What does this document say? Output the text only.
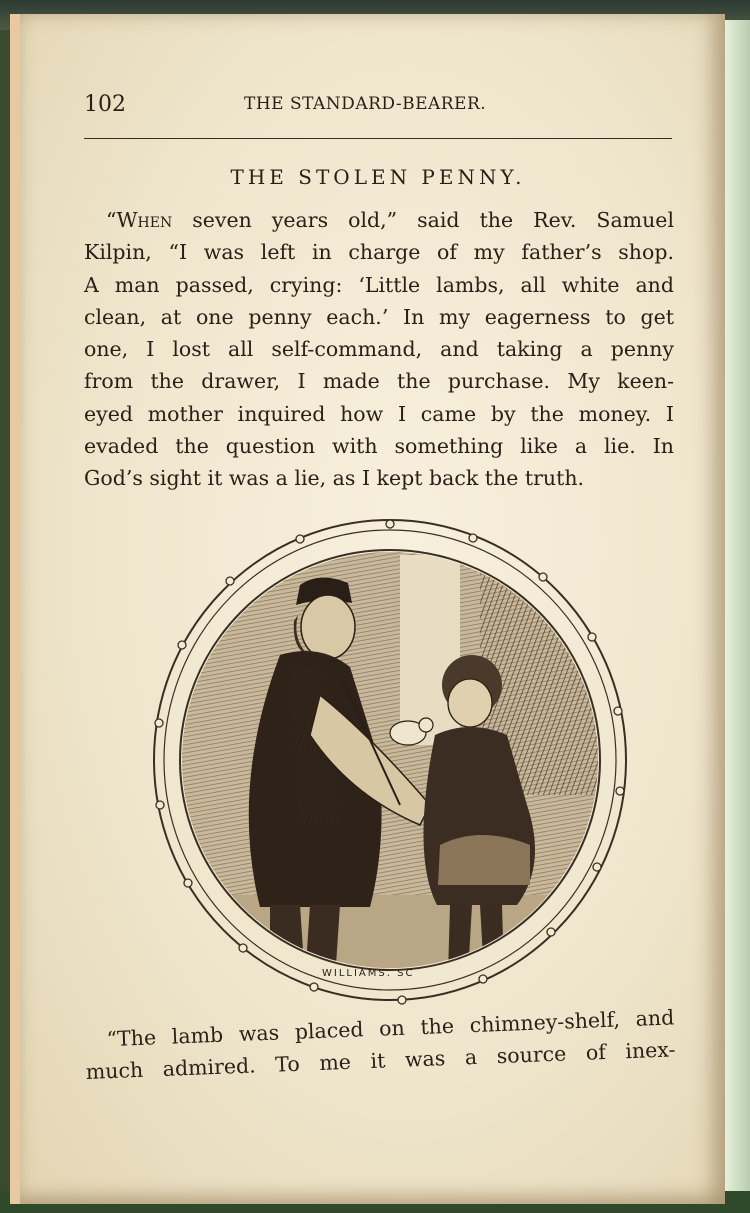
102	THE STANDARD-BEARER.
THE STOLEN PENNY.
“When seven years old,” said the Rev. Samuel
Kilpin, “I was left in charge of my father’s shop.
A man passed, crying: ‘Little lambs, all white and
clean, at one penny each.’ In my eagerness to get
one, I lost all self-command, and taking a penny
from the drawer, I made the purchase. My keen-
eyed mother inquired how I came by the money. I
evaded the question with something like a lie. In
God’s sight it was a lie, as I kept back the truth.
WILLIAMS. SC
“The lamb was placed on the chimney-shelf, and
much admired. To me it was a source of inex-
